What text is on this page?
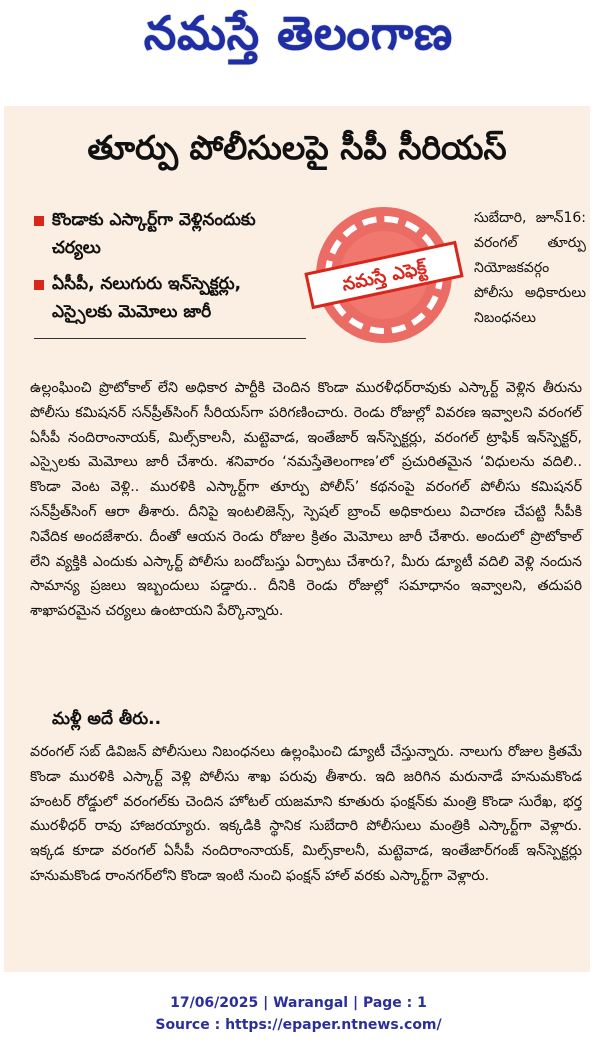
నమస్తే తెలంగాణ
తూర్పు పోలీసులపై సీపీ సీరియస్
కొండాకు ఎస్కార్ట్‌గా వెళ్లినందుకు చర్యలు
ఏసీపీ, నలుగురు ఇన్‌స్పెక్టర్లు, ఎస్సైలకు మెమోలు జారీ
నమస్తే ఎఫెక్ట్
సుబేదారి, జూన్16: వరంగల్ తూర్పు నియోజకవర్గం పోలీసు అధికారులు నిబంధనలు
ఉల్లంఘించి ప్రొటోకాల్ లేని అధికార పార్టీకి చెందిన కొండా మురళీధర్‌రావుకు ఎస్కార్ట్ వెళ్లిన తీరును పోలీసు కమిషనర్ సన్‌ప్రీత్‌సింగ్ సీరియస్‌గా పరిగణించారు. రెండు రోజుల్లో వివరణ ఇవ్వాలని వరంగల్ ఏసీపీ నందిరాంనాయక్, మిల్స్‌కాలనీ, మట్టెవాడ, ఇంతేజార్ ఇన్‌స్పెక్టర్లు, వరంగల్ ట్రాఫిక్ ఇన్‌స్పెక్టర్, ఎస్సైలకు మెమోలు జారీ చేశారు. శనివారం ‘నమస్తేతెలంగాణ’లో ప్రచురితమైన ‘విధులను వదిలి.. కొండా వెంట వెళ్లి.. మురళికి ఎస్కార్ట్‌గా తూర్పు పోలీస్’ కథనంపై వరంగల్ పోలీసు కమిషనర్ సన్‌ప్రీత్‌సింగ్ ఆరా తీశారు. దీనిపై ఇంటలిజెన్స్, స్పెషల్ బ్రాంచ్ అధికారులు విచారణ చేపట్టి సీపీకి నివేదిక అందజేశారు. దీంతో ఆయన రెండు రోజుల క్రితం మెమోలు జారీ చేశారు. అందులో ప్రొటోకాల్ లేని వ్యక్తికి ఎందుకు ఎస్కార్ట్ పోలీసు బందోబస్తు ఏర్పాటు చేశారు?, మీరు డ్యూటీ వదిలి వెళ్లి నందున సామాన్య ప్రజలు ఇబ్బందులు పడ్డారు.. దీనికి రెండు రోజుల్లో సమాధానం ఇవ్వాలని, తదుపరి శాఖాపరమైన చర్యలు ఉంటాయని పేర్కొన్నారు.
మళ్లీ అదే తీరు..
వరంగల్ సబ్ డివిజన్ పోలీసులు నిబంధనలు ఉల్లంఘించి డ్యూటీ చేస్తున్నారు. నాలుగు రోజుల క్రితమే కొండా మురళికి ఎస్కార్ట్ వెళ్లి పోలీసు శాఖ పరువు తీశారు. ఇది జరిగిన మరునాడే హనుమకొండ హంటర్ రోడ్డులో వరంగల్‌కు చెందిన హోటల్ యజమాని కూతురు ఫంక్షన్‌కు మంత్రి కొండా సురేఖ, భర్త మురళీధర్ రావు హాజరయ్యారు. ఇక్కడికి స్థానిక సుబేదారి పోలీసులు మంత్రికి ఎస్కార్ట్‌గా వెళ్లారు. ఇక్కడ కూడా వరంగల్ ఏసీపీ నందిరాంనాయక్, మిల్స్‌కాలనీ, మట్టెవాడ, ఇంతేజార్‌గంజ్ ఇన్‌స్పెక్టర్లు హనుమకొండ రాంనగర్‌లోని కొండా ఇంటి నుంచి ఫంక్షన్ హాల్ వరకు ఎస్కార్ట్‌గా వెళ్లారు.
17/06/2025 | Warangal | Page : 1
Source : https://epaper.ntnews.com/
